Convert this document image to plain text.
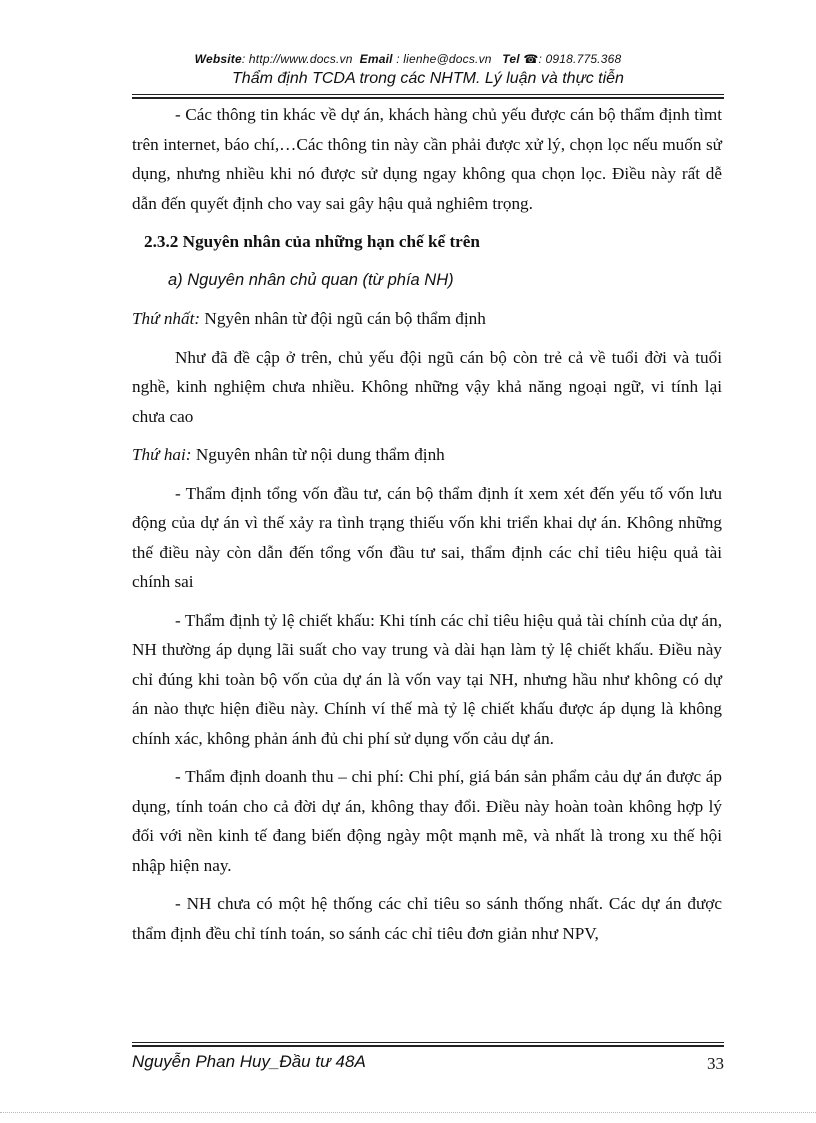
Website: http://www.docs.vn Email : lienhe@docs.vn Tel ☎: 0918.775.368
Thẩm định TCDA trong các NHTM. Lý luận và thực tiễn

- Các thông tin khác về dự án, khách hàng chủ yếu được cán bộ thẩm định tìmt trên internet, báo chí,…Các thông tin này cần phải được xử lý, chọn lọc nếu muốn sử dụng, nhưng nhiều khi nó được sử dụng ngay không qua chọn lọc. Điều này rất dễ dẫn đến quyết định cho vay sai gây hậu quả nghiêm trọng.

2.3.2 Nguyên nhân của những hạn chế kể trên

a) Nguyên nhân chủ quan (từ phía NH)

Thứ nhất: Ngyên nhân từ đội ngũ cán bộ thẩm định

Như đã đề cập ở trên, chủ yếu đội ngũ cán bộ còn trẻ cả về tuổi đời và tuổi nghề, kinh nghiệm chưa nhiều. Không những vậy khả năng ngoại ngữ, vi tính lại chưa cao

Thứ hai: Nguyên nhân từ nội dung thẩm định

- Thẩm định tổng vốn đầu tư, cán bộ thẩm định ít xem xét đến yếu tố vốn lưu động của dự án vì thế xảy ra tình trạng thiếu vốn khi triển khai dự án. Không những thế điều này còn dẫn đến tổng vốn đầu tư sai, thẩm định các chỉ tiêu hiệu quả tài chính sai

- Thẩm định tỷ lệ chiết khấu: Khi tính các chỉ tiêu hiệu quả tài chính của dự án, NH thường áp dụng lãi suất cho vay trung và dài hạn làm tỷ lệ chiết khấu. Điều này chỉ đúng khi toàn bộ vốn của dự án là vốn vay tại NH, nhưng hầu như không có dự án nào thực hiện điều này. Chính ví thế mà tỷ lệ chiết khấu được áp dụng là không chính xác, không phản ánh đủ chi phí sử dụng vốn cảu dự án.

- Thẩm định doanh thu – chi phí: Chi phí, giá bán sản phẩm cảu dự án được áp dụng, tính toán cho cả đời dự án, không thay đổi. Điều này hoàn toàn không hợp lý đối với nền kinh tế đang biến động ngày một mạnh mẽ, và nhất là trong xu thế hội nhập hiện nay.

- NH chưa có một hệ thống các chỉ tiêu so sánh thống nhất. Các dự án được thẩm định đều chỉ tính toán, so sánh các chỉ tiêu đơn giản như NPV,

Nguyễn Phan Huy_Đầu tư 48A	33
